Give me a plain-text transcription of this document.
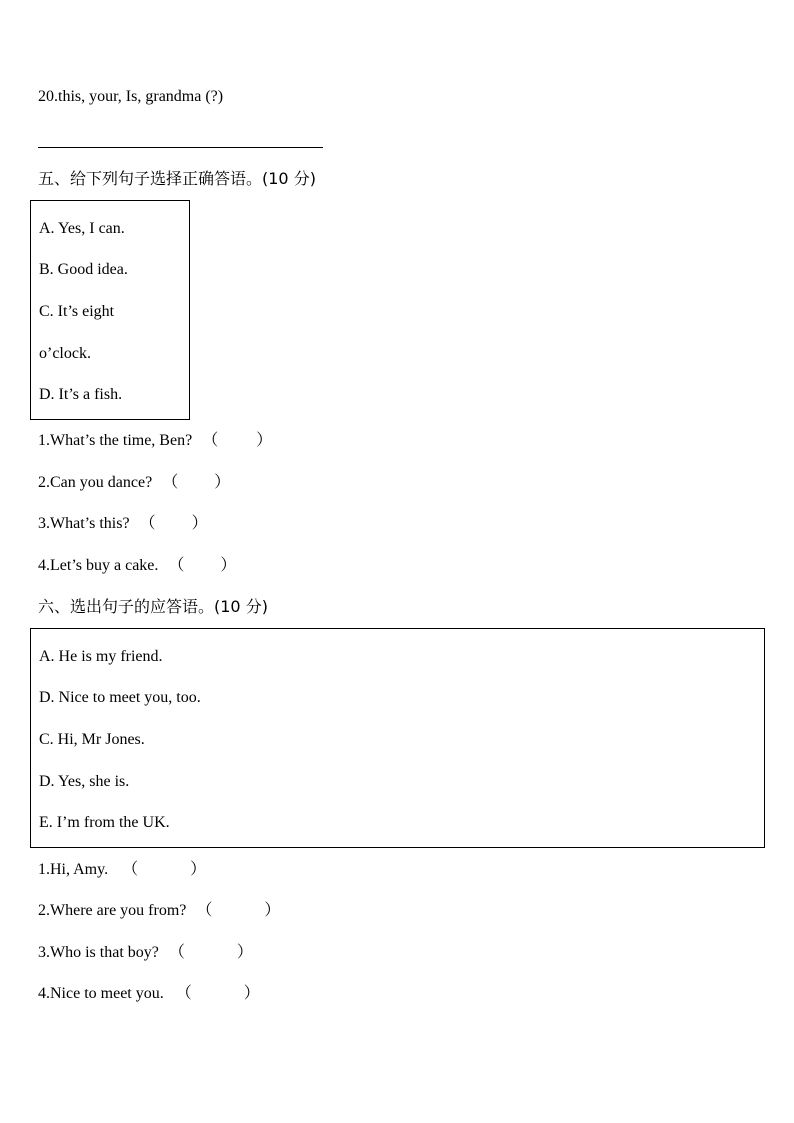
20.this, your, Is, grandma (?)
五、给下列句子选择正确答语。(10 分)
A. Yes, I can.
B. Good idea.
C. It’s eight
o’clock.
D. It’s a fish.
1.What’s the time, Ben? （ ）
2.Can you dance? （ ）
3.What’s this? （ ）
4.Let’s buy a cake. （ ）
六、选出句子的应答语。(10 分)
A. He is my friend.
D. Nice to meet you, too.
C. Hi, Mr Jones.
D. Yes, she is.
E. I’m from the UK.
1.Hi, Amy. （	）
2.Where are you from? （	）
3.Who is that boy? （	）
4.Nice to meet you. （	）
